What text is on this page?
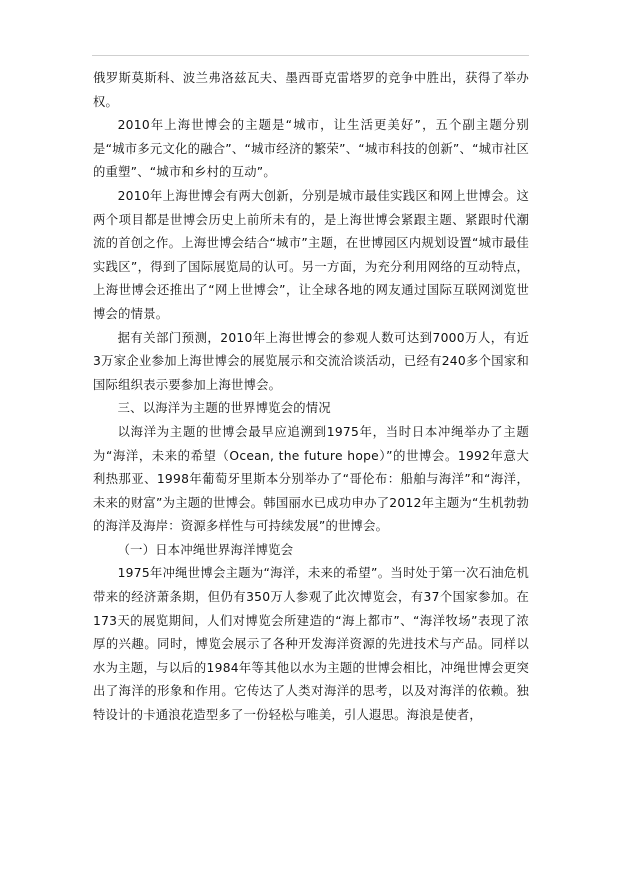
俄罗斯莫斯科、波兰弗洛兹瓦夫、墨西哥克雷塔罗的竞争中胜出，获得了举办权。

2010年上海世博会的主题是“城市，让生活更美好”，五个副主题分别是“城市多元文化的融合”、“城市经济的繁荣”、“城市科技的创新”、“城市社区的重塑”、“城市和乡村的互动”。

2010年上海世博会有两大创新，分别是城市最佳实践区和网上世博会。这两个项目都是世博会历史上前所未有的，是上海世博会紧跟主题、紧跟时代潮流的首创之作。上海世博会结合“城市”主题，在世博园区内规划设置“城市最佳实践区”，得到了国际展览局的认可。另一方面，为充分利用网络的互动特点，上海世博会还推出了“网上世博会”，让全球各地的网友通过国际互联网浏览世博会的情景。

据有关部门预测，2010年上海世博会的参观人数可达到7000万人，有近3万家企业参加上海世博会的展览展示和交流洽谈活动，已经有240多个国家和国际组织表示要参加上海世博会。

三、以海洋为主题的世界博览会的情况

以海洋为主题的世博会最早应追溯到1975年，当时日本冲绳举办了主题为“海洋，未来的希望（Ocean, the future hope）”的世博会。1992年意大利热那亚、1998年葡萄牙里斯本分别举办了“哥伦布：船舶与海洋”和“海洋，未来的财富”为主题的世博会。韩国丽水已成功申办了2012年主题为“生机勃勃的海洋及海岸：资源多样性与可持续发展”的世博会。

（一）日本冲绳世界海洋博览会

1975年冲绳世博会主题为“海洋，未来的希望”。当时处于第一次石油危机带来的经济萧条期，但仍有350万人参观了此次博览会，有37个国家参加。在173天的展览期间，人们对博览会所建造的“海上都市”、“海洋牧场”表现了浓厚的兴趣。同时，博览会展示了各种开发海洋资源的先进技术与产品。同样以水为主题，与以后的1984年等其他以水为主题的世博会相比，冲绳世博会更突出了海洋的形象和作用。它传达了人类对海洋的思考，以及对海洋的依赖。独特设计的卡通浪花造型多了一份轻松与唯美，引人遐思。海浪是使者，
